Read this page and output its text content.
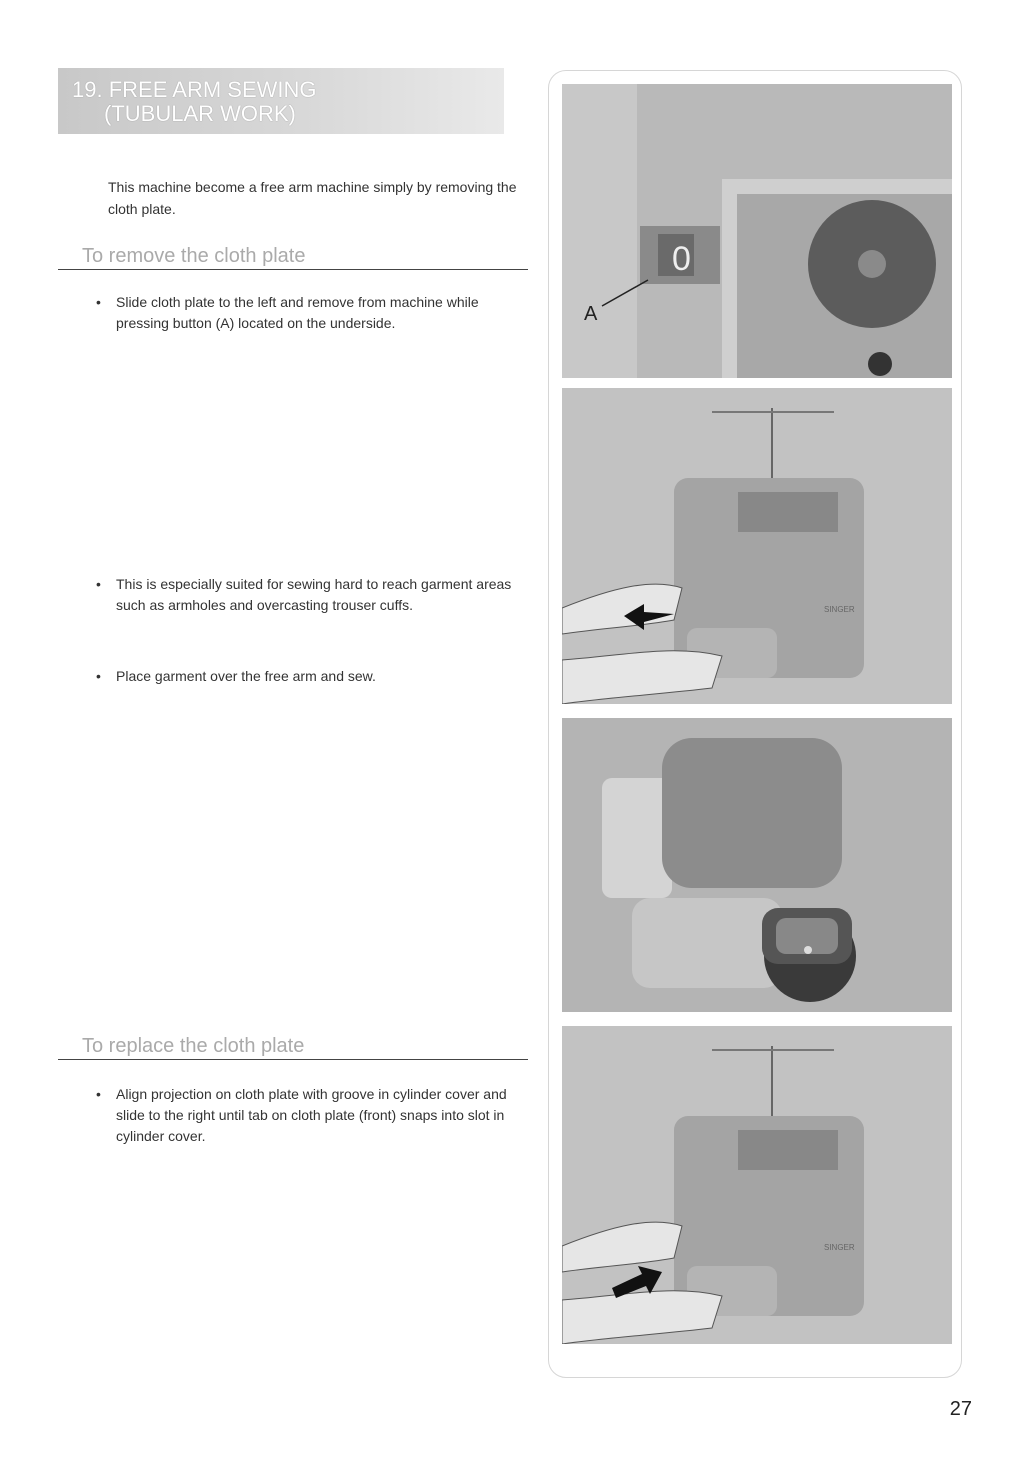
19. FREE ARM SEWING
(TUBULAR WORK)
This machine become a free arm machine simply by removing the cloth plate.
To remove the cloth plate
• Slide cloth plate to the left and remove from machine while pressing button (A) located on the underside.
• This is especially suited for sewing hard to reach garment areas such as armholes and overcasting trouser cuffs.
• Place garment over the free arm and sew.
To replace the cloth plate
• Align projection on cloth plate with groove in cylinder cover and slide to the right until tab on cloth plate (front) snaps into slot in cylinder cover.
0
A
SINGER
SINGER
27
